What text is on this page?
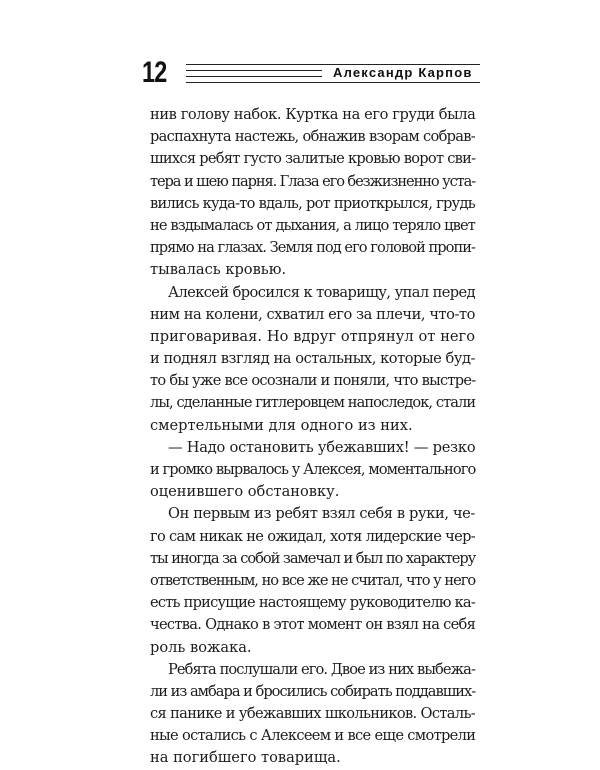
12	Александр Карпов

нив голову набок. Куртка на его груди была
распахнута настежь, обнажив взорам собрав-
шихся ребят густо залитые кровью ворот сви-
тера и шею парня. Глаза его безжизненно уста-
вились куда-то вдаль, рот приоткрылся, грудь
не вздымалась от дыхания, а лицо теряло цвет
прямо на глазах. Земля под его головой пропи-
тывалась кровью.

Алексей бросился к товарищу, упал перед
ним на колени, схватил его за плечи, что-то
приговаривая. Но вдруг отпрянул от него
и поднял взгляд на остальных, которые буд-
то бы уже все осознали и поняли, что выстре-
лы, сделанные гитлеровцем напоследок, стали
смертельными для одного из них.

— Надо остановить убежавших! — резко
и громко вырвалось у Алексея, моментального
оценившего обстановку.

Он первым из ребят взял себя в руки, че-
го сам никак не ожидал, хотя лидерские чер-
ты иногда за собой замечал и был по характеру
ответственным, но все же не считал, что у него
есть присущие настоящему руководителю ка-
чества. Однако в этот момент он взял на себя
роль вожака.

Ребята послушали его. Двое из них выбежа-
ли из амбара и бросились собирать поддавших-
ся панике и убежавших школьников. Осталь-
ные остались с Алексеем и все еще смотрели
на погибшего товарища.
